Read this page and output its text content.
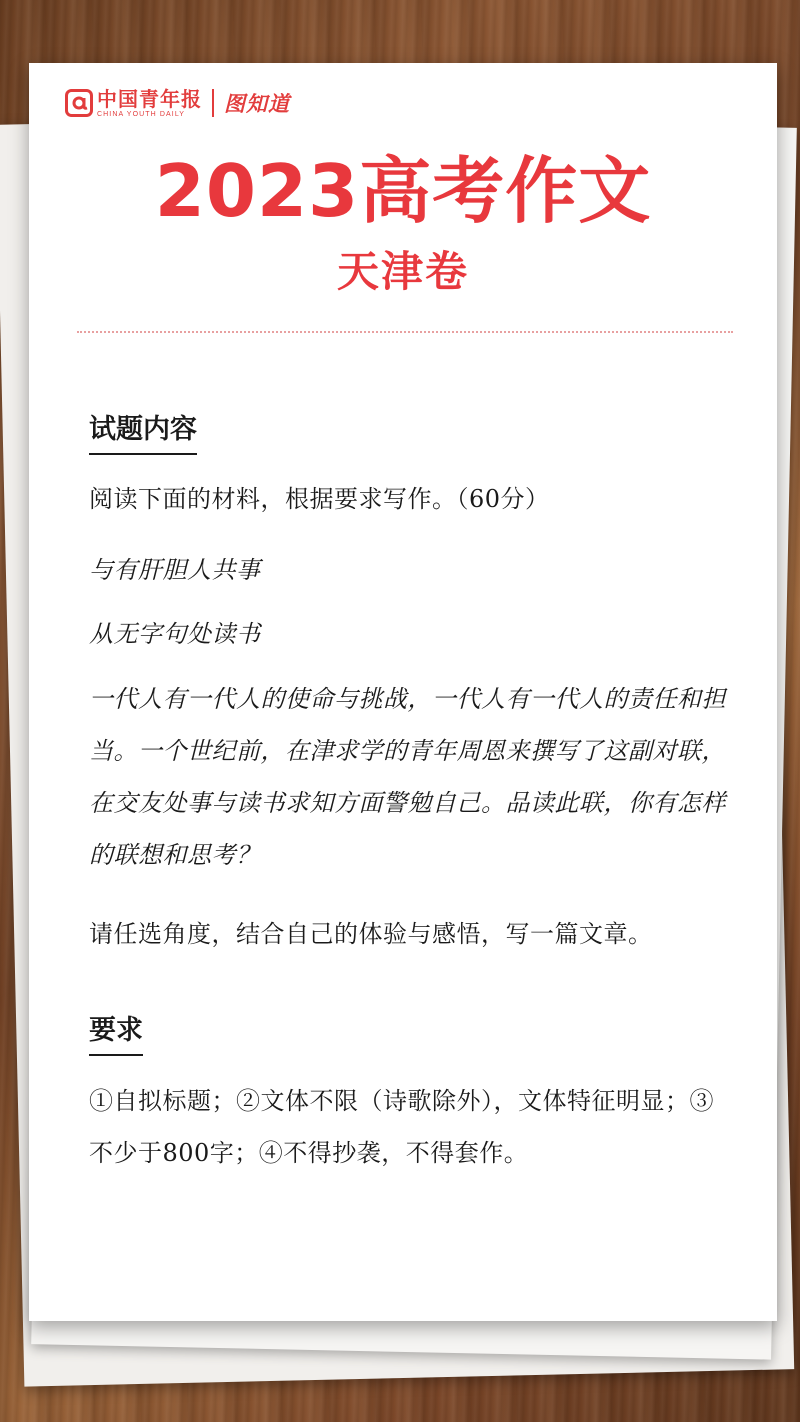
中国青年报
CHINA YOUTH DAILY	图知道
2023高考作文
天津卷
试题内容
阅读下面的材料，根据要求写作。（60分）
与有肝胆人共事
从无字句处读书
一代人有一代人的使命与挑战，一代人有一代人的责任和担当。一个世纪前，在津求学的青年周恩来撰写了这副对联，在交友处事与读书求知方面警勉自己。品读此联，你有怎样的联想和思考？
请任选角度，结合自己的体验与感悟，写一篇文章。
要求
①自拟标题；②文体不限（诗歌除外），文体特征明显；③不少于800字；④不得抄袭，不得套作。
